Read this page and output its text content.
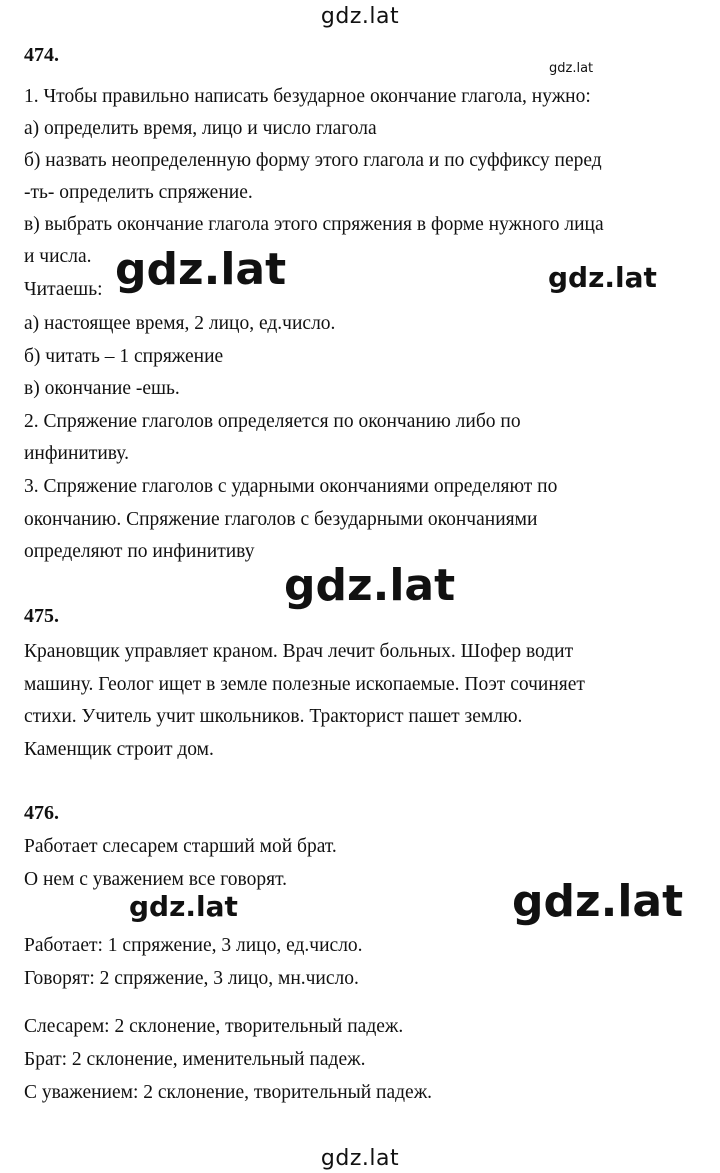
gdz.lat
gdz.lat
gdz.lat	gdz.lat
gdz.lat
gdz.lat	gdz.lat
gdz.lat
474.
1. Чтобы правильно написать безударное окончание глагола, нужно:
а) определить время, лицо и число глагола
б) назвать неопределенную форму этого глагола и по суффиксу перед
-ть- определить спряжение.
в) выбрать окончание глагола этого спряжения в форме нужного лица
и числа.
Читаешь:
а) настоящее время, 2 лицо, ед.число.
б) читать – 1 спряжение
в) окончание -ешь.
2. Спряжение глаголов определяется по окончанию либо по
инфинитиву.
3. Спряжение глаголов с ударными окончаниями определяют по
окончанию. Спряжение глаголов с безударными окончаниями
определяют по инфинитиву
475.
Крановщик управляет краном. Врач лечит больных. Шофер водит
машину. Геолог ищет в земле полезные ископаемые. Поэт сочиняет
стихи. Учитель учит школьников. Тракторист пашет землю.
Каменщик строит дом.
476.
Работает слесарем старший мой брат.
О нем с уважением все говорят.
Работает: 1 спряжение, 3 лицо, ед.число.
Говорят: 2 спряжение, 3 лицо, мн.число.
Слесарем: 2 склонение, творительный падеж.
Брат: 2 склонение, именительный падеж.
С уважением: 2 склонение, творительный падеж.
